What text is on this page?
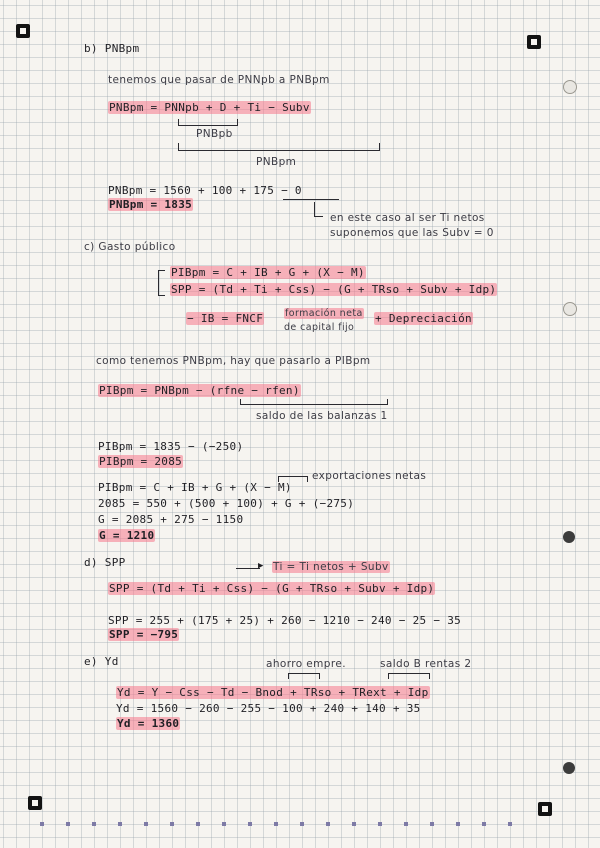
b) PNBpm
tenemos que pasar de PNNpb a PNBpm
PNBpm = PNNpb + D + Ti − Subv
PNBpb
PNBpm
PNBpm = 1560 + 100 + 175 − 0
PNBpm = 1835
en este caso al ser Ti netos
suponemos que las Subv = 0
c) Gasto público
PIBpm = C + IB + G + (X − M)
SPP = (Td + Ti + Css) − (G + TRso + Subv + Idp)
− IB = FNCF formación neta
de capital fijo
+ Depreciación
como tenemos PNBpm, hay que pasarlo a PIBpm
PIBpm = PNBpm − (rfne − rfen)
saldo de las balanzas 1
PIBpm = 1835 − (−250)
PIBpm = 2085
exportaciones netas
PIBpm = C + IB + G + (X − M)
2085 = 550 + (500 + 100) + G + (−275)
G = 2085 + 275 − 1150
G = 1210
d) SPP	▶ Ti = Ti netos + Subv
SPP = (Td + Ti + Css) − (G + TRso + Subv + Idp)
SPP = 255 + (175 + 25) + 260 − 1210 − 240 − 25 − 35
SPP = −795
e) Yd	ahorro empre.	saldo B rentas 2
Yd = Y − Css − Td − Bnod + TRso + TRext + Idp
Yd = 1560 − 260 − 255 − 100 + 240 + 140 + 35
Yd = 1360
